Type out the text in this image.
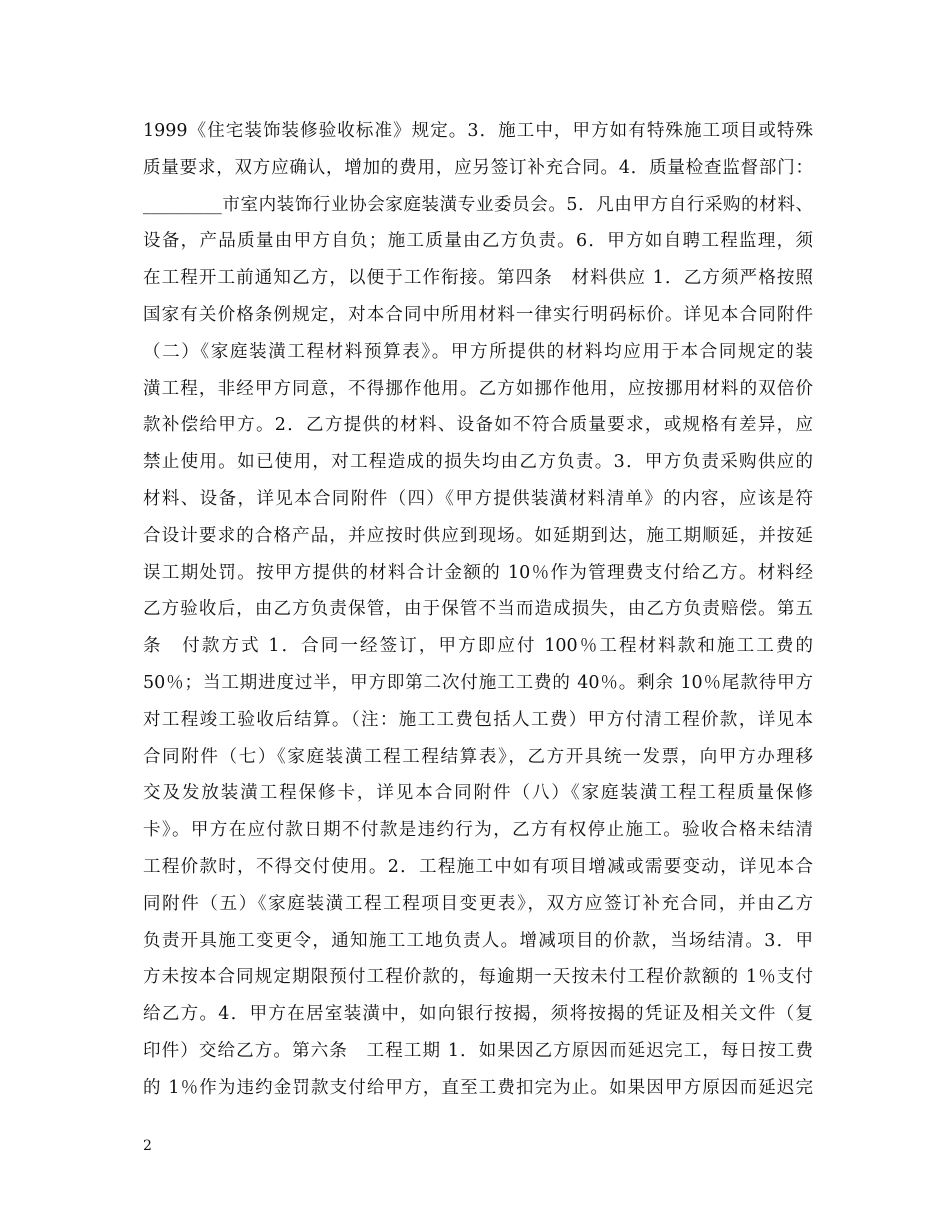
1999《住宅装饰装修验收标准》规定。3．施工中，甲方如有特殊施工项目或特殊
质量要求，双方应确认，增加的费用，应另签订补充合同。4．质量检查监督部门：
_________市室内装饰行业协会家庭装潢专业委员会。5．凡由甲方自行采购的材料、
设备，产品质量由甲方自负；施工质量由乙方负责。6．甲方如自聘工程监理，须
在工程开工前通知乙方，以便于工作衔接。第四条　材料供应 1．乙方须严格按照
国家有关价格条例规定，对本合同中所用材料一律实行明码标价。详见本合同附件
（二）《家庭装潢工程材料预算表》。甲方所提供的材料均应用于本合同规定的装
潢工程，非经甲方同意，不得挪作他用。乙方如挪作他用，应按挪用材料的双倍价
款补偿给甲方。2．乙方提供的材料、设备如不符合质量要求，或规格有差异，应
禁止使用。如已使用，对工程造成的损失均由乙方负责。3．甲方负责采购供应的
材料、设备，详见本合同附件（四）《甲方提供装潢材料清单》的内容，应该是符
合设计要求的合格产品，并应按时供应到现场。如延期到达，施工期顺延，并按延
误工期处罚。按甲方提供的材料合计金额的 10％作为管理费支付给乙方。材料经
乙方验收后，由乙方负责保管，由于保管不当而造成损失，由乙方负责赔偿。第五
条　付款方式 1．合同一经签订，甲方即应付 100％工程材料款和施工工费的
50％；当工期进度过半，甲方即第二次付施工工费的 40％。剩余 10％尾款待甲方
对工程竣工验收后结算。（注：施工工费包括人工费）甲方付清工程价款，详见本
合同附件（七）《家庭装潢工程工程结算表》，乙方开具统一发票，向甲方办理移
交及发放装潢工程保修卡，详见本合同附件（八）《家庭装潢工程工程质量保修
卡》。甲方在应付款日期不付款是违约行为，乙方有权停止施工。验收合格未结清
工程价款时，不得交付使用。2．工程施工中如有项目增减或需要变动，详见本合
同附件（五）《家庭装潢工程工程项目变更表》，双方应签订补充合同，并由乙方
负责开具施工变更令，通知施工工地负责人。增减项目的价款，当场结清。3．甲
方未按本合同规定期限预付工程价款的，每逾期一天按未付工程价款额的 1％支付
给乙方。4．甲方在居室装潢中，如向银行按揭，须将按揭的凭证及相关文件（复
印件）交给乙方。第六条　工程工期 1．如果因乙方原因而延迟完工，每日按工费
的 1％作为违约金罚款支付给甲方，直至工费扣完为止。如果因甲方原因而延迟完
2
